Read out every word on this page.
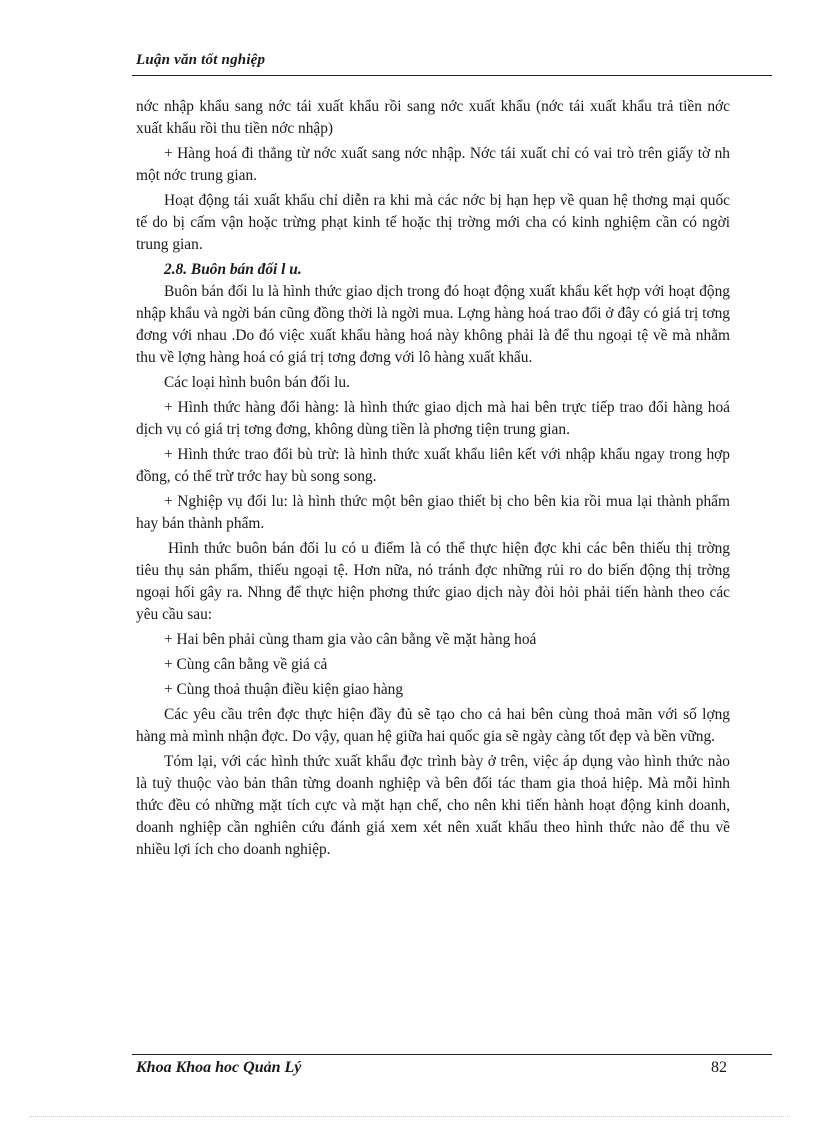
Luận văn tốt nghiệp

nớc nhập khẩu sang nớc tái xuất khẩu rồi sang nớc xuất khẩu (nớc tái xuất khẩu trả tiền nớc xuất khẩu rồi thu tiền nớc nhập)

+ Hàng hoá đi thẳng từ nớc xuất sang nớc nhập. Nớc tái xuất chỉ có vai trò trên giấy tờ nh một nớc trung gian.

Hoạt động tái xuất khẩu chỉ diễn ra khi mà các nớc bị hạn hẹp về quan hệ thơng mại quốc tế do bị cấm vận hoặc trừng phạt kinh tế hoặc thị trờng mới cha có kinh nghiệm cần có ngời trung gian.

2.8. Buôn bán đối l u.

Buôn bán đối lu là hình thức giao dịch trong đó hoạt động xuất khẩu kết hợp với hoạt động nhập khẩu và ngời bán cũng đồng thời là ngời mua. Lợng hàng hoá trao đổi ở đây có giá trị tơng đơng với nhau .Do đó việc xuất khẩu hàng hoá này không phải là để thu ngoại tệ về mà nhằm thu về lợng hàng hoá có giá trị tơng đơng với lô hàng xuất khẩu.

Các loại hình buôn bán đối lu.

+ Hình thức hàng đổi hàng: là hình thức giao dịch mà hai bên trực tiếp trao đổi hàng hoá dịch vụ có giá trị tơng đơng, không dùng tiền là phơng tiện trung gian.

+ Hình thức trao đổi bù trừ: là hình thức xuất khẩu liên kết với nhập khẩu ngay trong hợp đồng, có thể trừ trớc hay bù song song.

+ Nghiệp vụ đối lu: là hình thức một bên giao thiết bị cho bên kia rồi mua lại thành phẩm hay bán thành phẩm.

Hình thức buôn bán đối lu có u điểm là có thể thực hiện đợc khi các bên thiếu thị trờng tiêu thụ sản phẩm, thiếu ngoại tệ. Hơn nữa, nó tránh đợc những rủi ro do biến động thị trờng ngoại hối gây ra. Nhng để thực hiện phơng thức giao dịch này đòi hỏi phải tiến hành theo các yêu cầu sau:

+ Hai bên phải cùng tham gia vào cân bằng về mặt hàng hoá

+ Cùng cân bằng về giá cả

+ Cùng thoả thuận điều kiện giao hàng

Các yêu cầu trên đợc thực hiện đầy đủ sẽ tạo cho cả hai bên cùng thoả mãn với số lợng hàng mà mình nhận đợc. Do vậy, quan hệ giữa hai quốc gia sẽ ngày càng tốt đẹp và bền vững.

Tóm lại, với các hình thức xuất khẩu đợc trình bày ở trên, việc áp dụng vào hình thức nào là tuỳ thuộc vào bản thân từng doanh nghiệp và bên đối tác tham gia thoả hiệp. Mà mỗi hình thức đều có những mặt tích cực và mặt hạn chế, cho nên khi tiến hành hoạt động kinh doanh, doanh nghiệp cần nghiên cứu đánh giá xem xét nên xuất khẩu theo hình thức nào để thu về nhiều lợi ích cho doanh nghiệp.

Khoa Khoa hoc Quản Lý	82
